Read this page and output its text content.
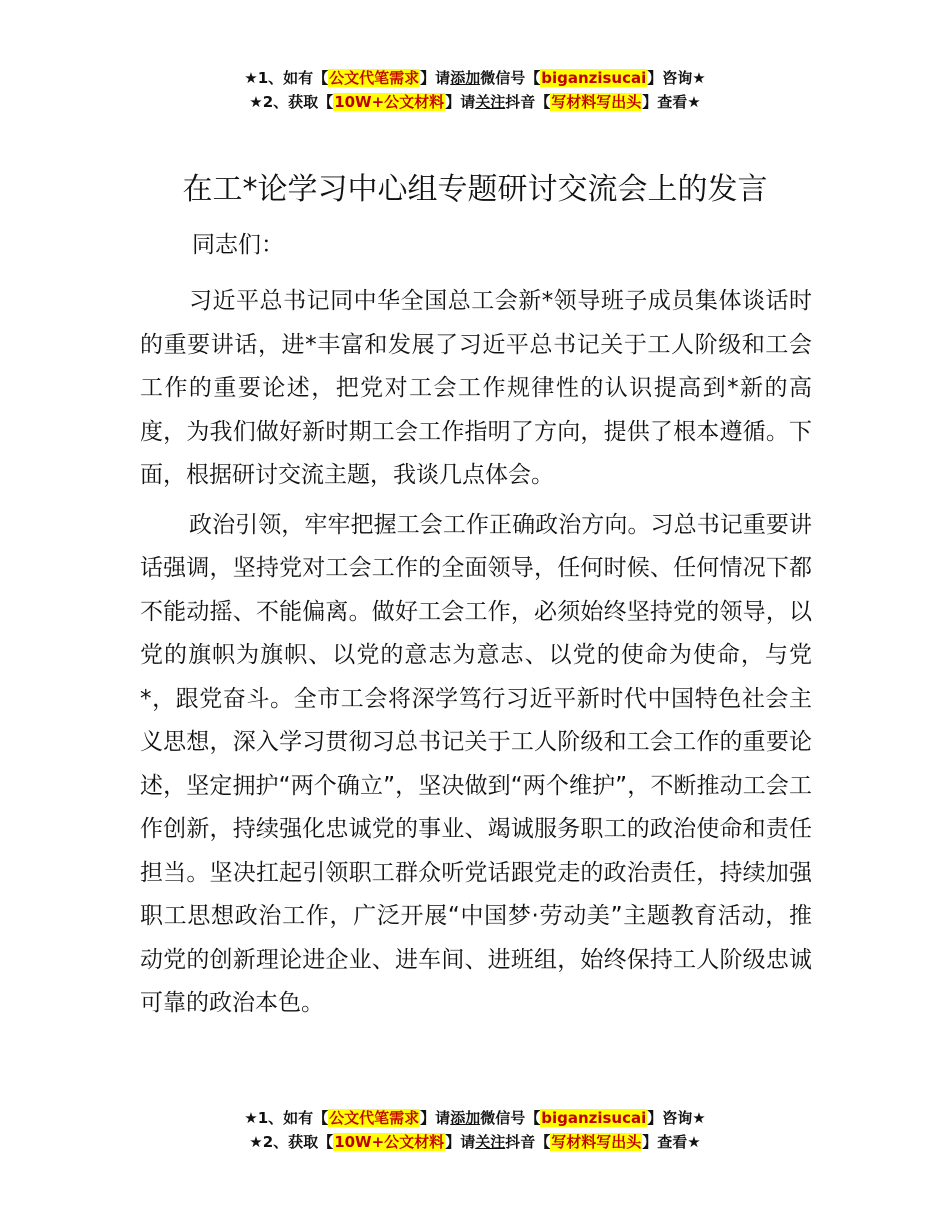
★1、如有【公文代笔需求】请添加微信号【biganzisucai】咨询★
★2、获取【10W+公文材料】请关注抖音【写材料写出头】查看★
在工*论学习中心组专题研讨交流会上的发言

同志们：

习近平总书记同中华全国总工会新*领导班子成员集体谈话时的重要讲话，进*丰富和发展了习近平总书记关于工人阶级和工会工作的重要论述，把党对工会工作规律性的认识提高到*新的高度，为我们做好新时期工会工作指明了方向，提供了根本遵循。下面，根据研讨交流主题，我谈几点体会。

政治引领，牢牢把握工会工作正确政治方向。习总书记重要讲话强调，坚持党对工会工作的全面领导，任何时候、任何情况下都不能动摇、不能偏离。做好工会工作，必须始终坚持党的领导，以党的旗帜为旗帜、以党的意志为意志、以党的使命为使命，与党*，跟党奋斗。全市工会将深学笃行习近平新时代中国特色社会主义思想，深入学习贯彻习总书记关于工人阶级和工会工作的重要论述，坚定拥护“两个确立”，坚决做到“两个维护”，不断推动工会工作创新，持续强化忠诚党的事业、竭诚服务职工的政治使命和责任担当。坚决扛起引领职工群众听党话跟党走的政治责任，持续加强职工思想政治工作，广泛开展“中国梦·劳动美”主题教育活动，推动党的创新理论进企业、进车间、进班组，始终保持工人阶级忠诚可靠的政治本色。

★1、如有【公文代笔需求】请添加微信号【biganzisucai】咨询★
★2、获取【10W+公文材料】请关注抖音【写材料写出头】查看★
